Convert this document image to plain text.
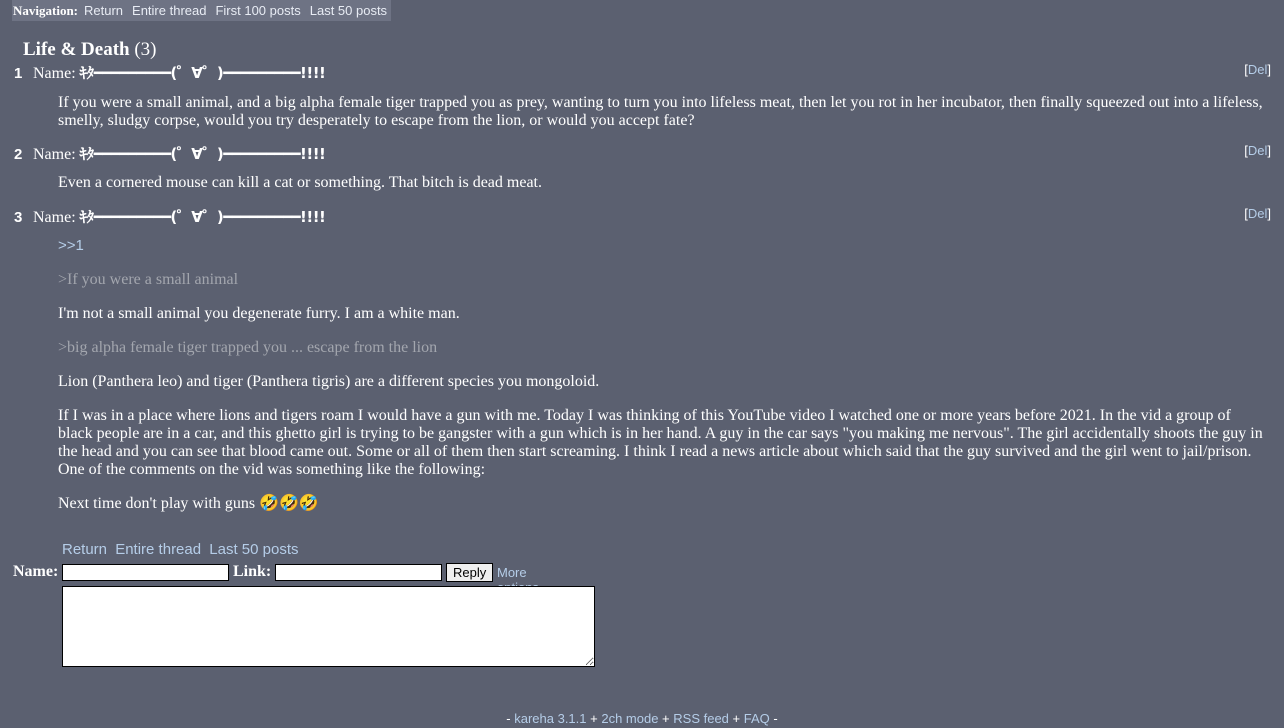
Navigation: Return Entire thread First 100 posts Last 50 posts
Life & Death (3)
1 Name: ｷﾀ━━━━━━━━━(゜∀゜)━━━━━━━━━!!!!	[Del]

If you were a small animal, and a big alpha female tiger trapped you as prey, wanting to turn you into lifeless meat, then let you rot in her incubator, then finally squeezed out into a lifeless, smelly, sludgy corpse, would you try desperately to escape from the lion, or would you accept fate?

2 Name: ｷﾀ━━━━━━━━━(゜∀゜)━━━━━━━━━!!!!	[Del]

Even a cornered mouse can kill a cat or something. That bitch is dead meat.

3 Name: ｷﾀ━━━━━━━━━(゜∀゜)━━━━━━━━━!!!!	[Del]

>>1

>If you were a small animal

I'm not a small animal you degenerate furry. I am a white man.

>big alpha female tiger trapped you ... escape from the lion

Lion (Panthera leo) and tiger (Panthera tigris) are a different species you mongoloid.

If I was in a place where lions and tigers roam I would have a gun with me. Today I was thinking of this YouTube video I watched one or more years before 2021. In the vid a group of black people are in a car, and this ghetto girl is trying to be gangster with a gun which is in her hand. A guy in the car says "you making me nervous". The girl accidentally shoots the guy in the head and you can see that blood came out. Some or all of them then start screaming. I think I read a news article about which said that the guy survived and the girl went to jail/prison. One of the comments on the vid was something like the following:

Next time don't play with guns 🤣🤣🤣

Return Entire thread Last 50 posts
Name:	Link:	Reply More
- kareha 3.1.1 + 2ch mode + RSS feed + FAQ -
